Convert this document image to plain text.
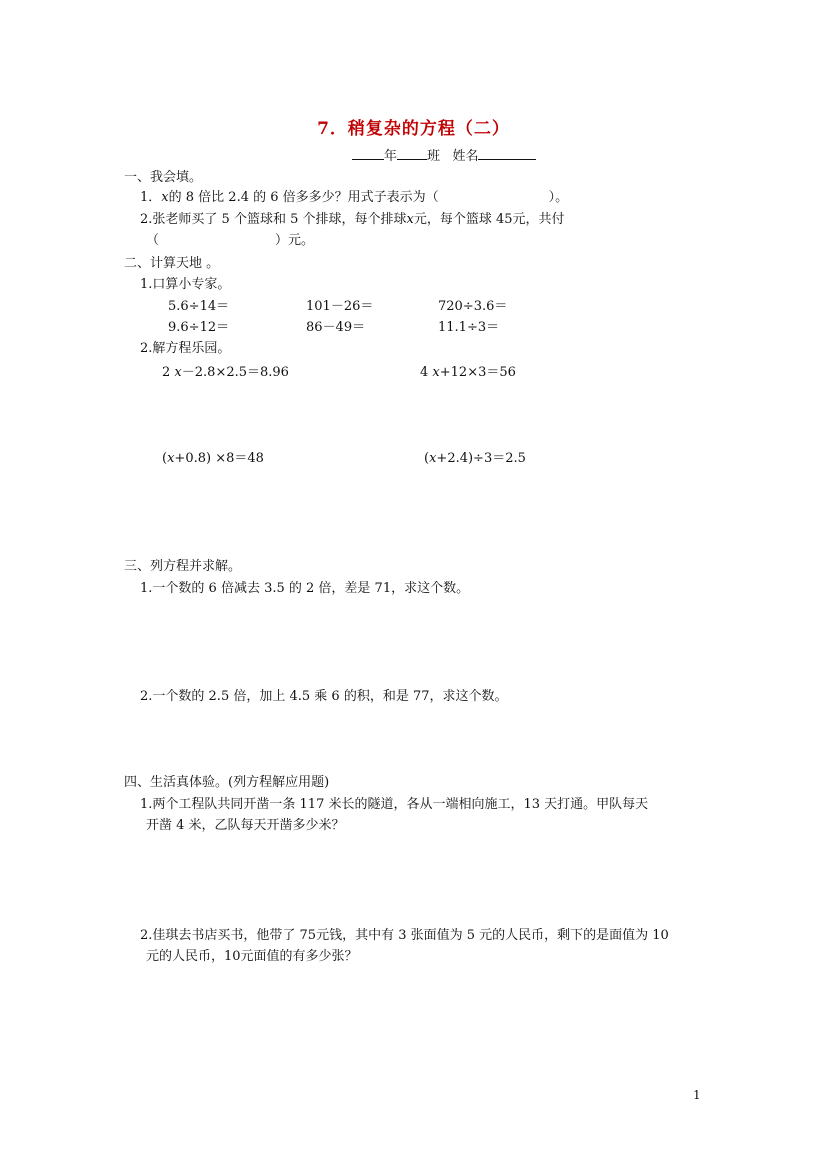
7．稍复杂的方程（二）
年 班 姓名
一、我会填。
1．x的 8 倍比 2.4 的 6 倍多多少？用式子表示为（	）。
2.张老师买了 5 个篮球和 5 个排球，每个排球x元，每个篮球 45元，共付
（	）元。
二、计算天地 。
1.口算小专家。
5.6÷14＝	101－26＝	720÷3.6＝
9.6÷12＝	86－49＝	11.1÷3＝
2.解方程乐园。
2 x－2.8×2.5＝8.96	4 x+12×3＝56
(x+0.8) ×8＝48	(x+2.4)÷3＝2.5
三、列方程并求解。
1.一个数的 6 倍减去 3.5 的 2 倍，差是 71，求这个数。
2.一个数的 2.5 倍，加上 4.5 乘 6 的积，和是 77，求这个数。
四、生活真体验。(列方程解应用题)
1.两个工程队共同开凿一条 117 米长的隧道，各从一端相向施工，13 天打通。甲队每天
开凿 4 米，乙队每天开凿多少米？
2.佳琪去书店买书，他带了 75元钱，其中有 3 张面值为 5 元的人民币，剩下的是面值为 10
元的人民币，10元面值的有多少张？
1
